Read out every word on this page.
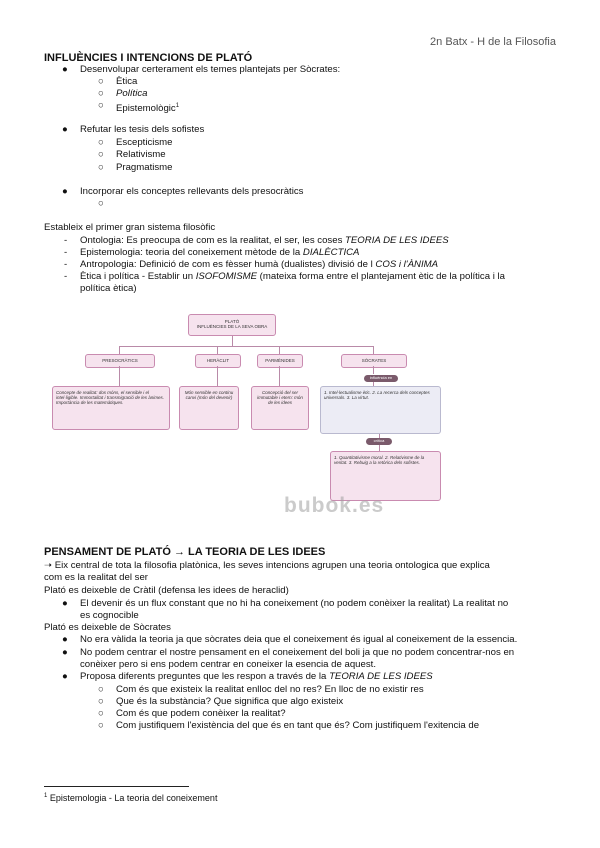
2n Batx - H de la Filosofia
INFLUÈNCIES I INTENCIONS DE PLATÓ
● Desenvolupar certerament els temes plantejats per Sòcrates:
○ Ètica
○ Política
○ Epistemològic$^1$
● Refutar les tesis dels sofistes
○ Escepticisme
○ Relativisme
○ Pragmatisme
● Incorporar els conceptes rellevants dels presocràtics
○
Estableix el primer gran sistema filosòfic
- Ontologia: Es preocupa de com es la realitat, el ser, les coses TEORIA DE LES IDEES
- Epistemologia: teoria del coneixement mètode de la DIALÈCTICA
- Antropologia: Definició de com es fèsser humà (dualistes) divisió de l COS i l'ÀNIMA
- Ètica i política - Establir un ISOFOMISME (mateixa forma entre el plantejament ètic de la política i la
política ètica)
PLATÓ
INFLUÈNCIES DE LA SEVA OBRA
PRESOCRÀTICS	HERÀCLIT	PARMÈNIDES	SÒCRATES
Concepte de realitat: dos móns, el sensible i el intel·ligible. Immortalitat i transmigració de les ànimes. Importància de les matemàtiques.
Món sensible en continu canvi (món del devenir)
Concepció del ser immutable i etern: món de les idees
influència en
1. Intel·lectualisme ètic. 2. La recerca dels conceptes universals. 3. La virtut.
crítica
1. Quantitativisme moral. 2. Relativisme de la veritat. 3. Rebuig a la retòrica dels sofistes.
bubok.es
PENSAMENT DE PLATÓ → LA TEORIA DE LES IDEES
➝ Eix central de tota la filosofia platònica, les seves intencions agrupen una teoria ontologica que explica
com es la realitat del ser
Plató es deixeble de Cràtil (defensa les idees de heraclid)
● El devenir és un flux constant que no hi ha coneixement (no podem conèixer la realitat) La realitat no
es cognocible
Plató es deixeble de Sòcrates
● No era vàlida la teoria ja que sòcrates deia que el coneixement és igual al coneixement de la essencia.
● No podem centrar el nostre pensament en el coneixement del boli ja que no podem concentrar-nos en
conèixer pero si ens podem centrar en coneixer la esencia de aquest.
● Proposa diferents preguntes que les respon a través de la TEORIA DE LES IDEES
○ Com és que existeix la realitat enlloc del no res? En lloc de no existir res
○ Que és la substància? Que significa que algo existeix
○ Com és que podem conèixer la realitat?
○ Com justifiquem l'existència del que és en tant que és? Com justifiquem l'exitencia de
$^1$ Epistemologia - La teoria del coneixement
